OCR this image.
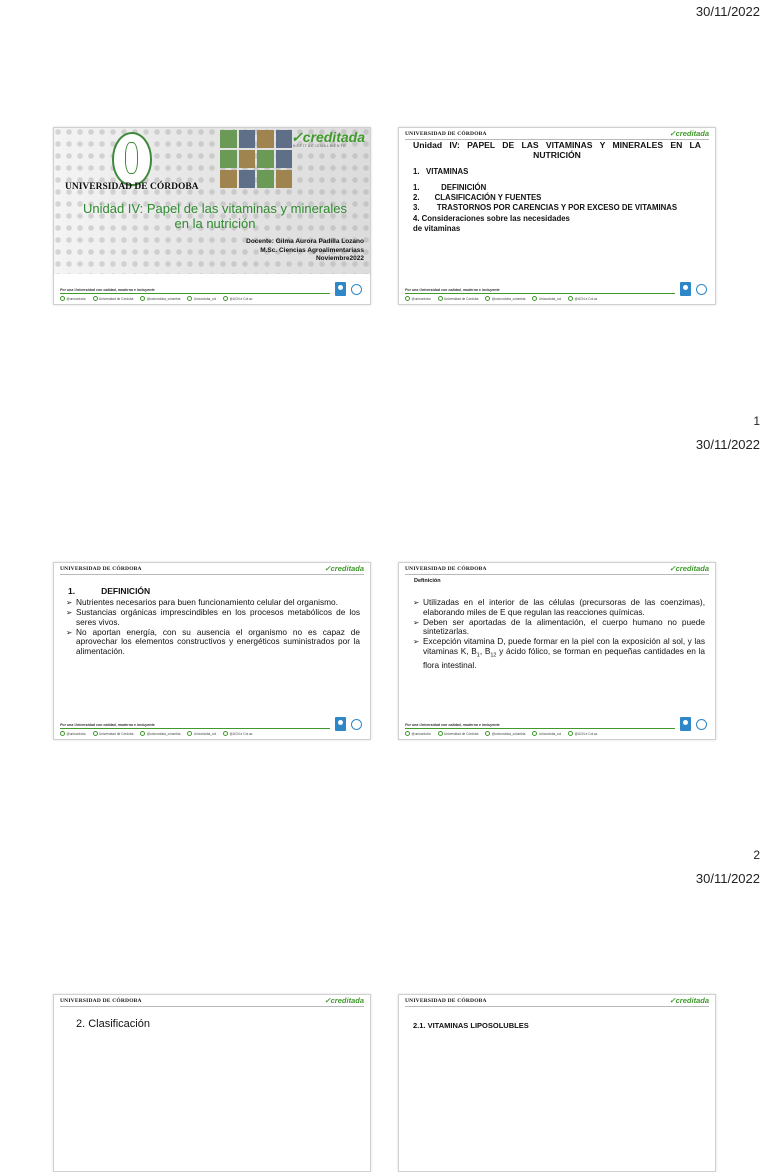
30/11/2022
✓creditada
INSTITUCIONALMENTE
UNIVERSIDAD DE CÓRDOBA
Unidad IV: Papel de las vitaminas y minerales en la nutrición
Docente: Gilma Aurora Padilla Lozano
M.Sc. Ciencias Agroalimentariass
Noviembre2022
Por una Universidad con calidad, moderna e incluyente
@unicordoba	Universidad de Córdoba	@unicordoba_colombia	Unicordoba_col	@UCN.e Col.ac
UNIVERSIDAD DE CÓRDOBA	✓creditada
Unidad IV: PAPEL DE LAS VITAMINAS Y MINERALES EN LA NUTRICIÓN
1.   VITAMINAS
1.          DEFINICIÓN
2.       CLASIFICACIÓN Y FUENTES
3.        TRASTORNOS POR CARENCIAS Y POR EXCESO DE VITAMINAS
4. Consideraciones sobre las necesidades
de vitaminas
Por una Universidad con calidad, moderna e incluyente
@unicordoba	Universidad de Córdoba	@unicordoba_colombia	Unicordoba_col	@UCN.e Col.ac
1
30/11/2022
UNIVERSIDAD DE CÓRDOBA	✓creditada
1.           DEFINICIÓN
➢ Nutrientes necesarios para buen funcionamiento celular del organismo.
➢ Sustancias orgánicas imprescindibles en los procesos metabólicos de los seres vivos.
➢ No aportan energía, con su ausencia el organismo no es capaz de aprovechar los elementos constructivos y energéticos suministrados por la alimentación.
Por una Universidad con calidad, moderna e incluyente
@unicordoba	Universidad de Córdoba	@unicordoba_colombia	Unicordoba_col	@UCN.e Col.ac
UNIVERSIDAD DE CÓRDOBA	✓creditada
Definición
➢ Utilizadas en el interior de las células (precursoras de las coenzimas), elaborando miles de E que regulan las reacciones químicas.
➢ Deben ser aportadas de la alimentación, el cuerpo humano no puede sintetizarlas.
➢ Excepción vitamina D, puede formar en la piel con la exposición al sol, y las vitaminas K, $B_1$, $B_{12}$ y ácido fólico, se forman en pequeñas cantidades en la flora intestinal.
Por una Universidad con calidad, moderna e incluyente
@unicordoba	Universidad de Córdoba	@unicordoba_colombia	Unicordoba_col	@UCN.e Col.ac
2
30/11/2022
UNIVERSIDAD DE CÓRDOBA	✓creditada
2. Clasificación
UNIVERSIDAD DE CÓRDOBA	✓creditada
2.1. VITAMINAS LIPOSOLUBLES
